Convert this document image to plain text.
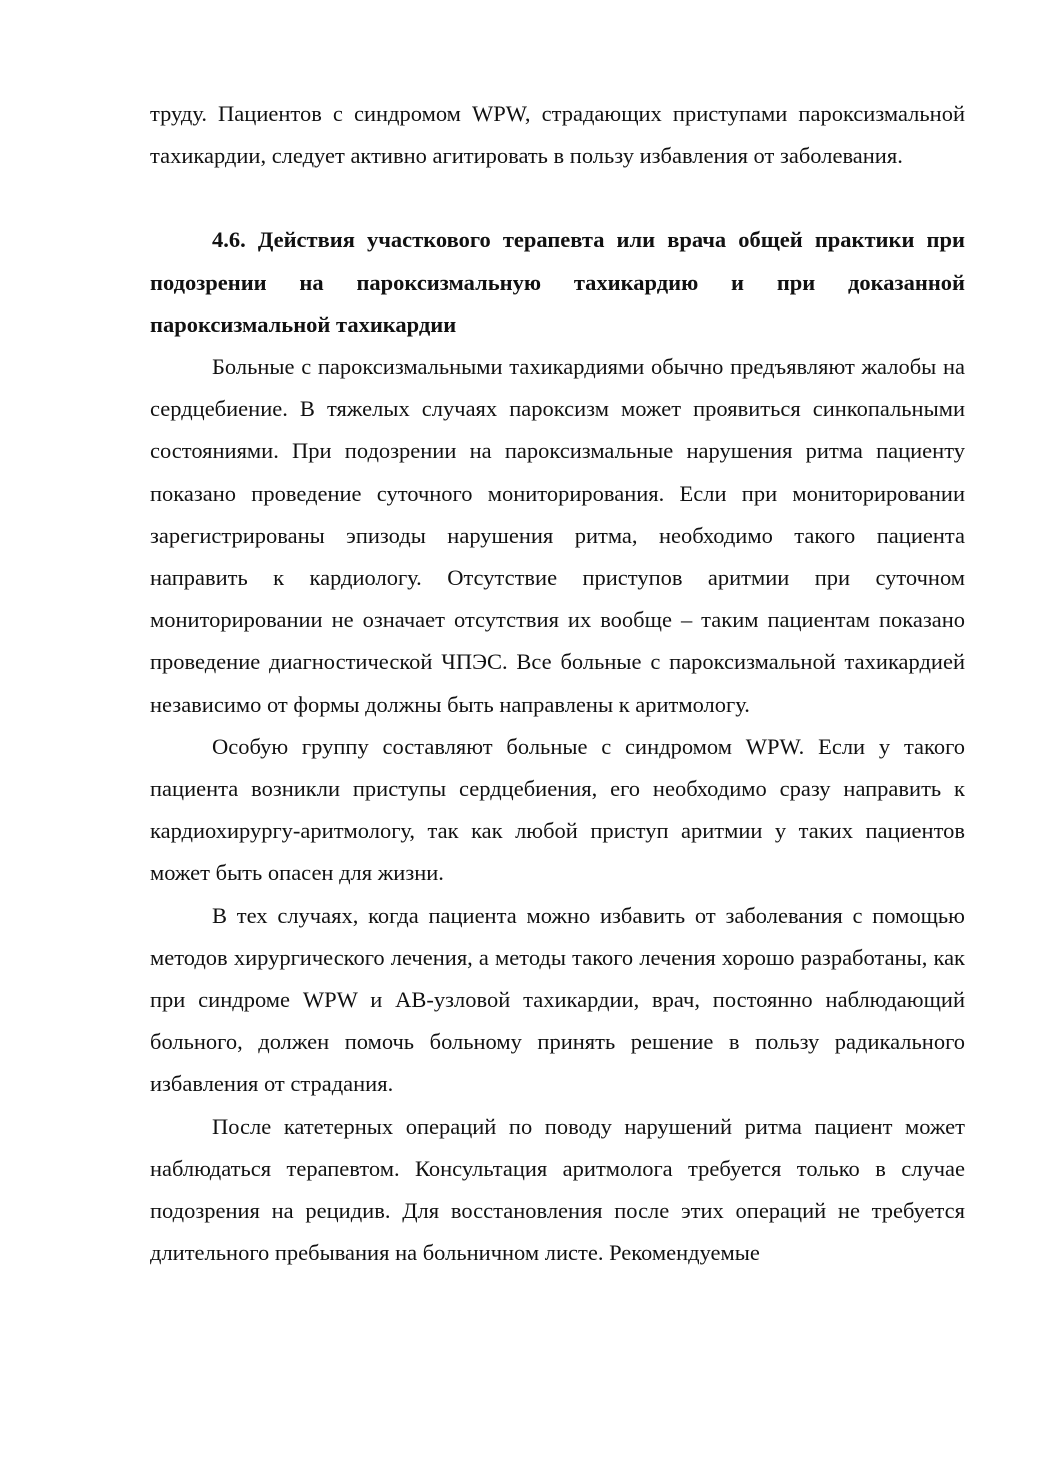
труду. Пациентов с синдромом WPW, страдающих приступами пароксизмальной тахикардии, следует активно агитировать в пользу избавления от заболевания.

4.6. Действия участкового терапевта или врача общей практики при подозрении на пароксизмальную тахикардию и при доказанной пароксизмальной тахикардии

Больные с пароксизмальными тахикардиями обычно предъявляют жалобы на сердцебиение. В тяжелых случаях пароксизм может проявиться синкопальными состояниями. При подозрении на пароксизмальные нарушения ритма пациенту показано проведение суточного мониторирования. Если при мониторировании зарегистрированы эпизоды нарушения ритма, необходимо такого пациента направить к кардиологу. Отсутствие приступов аритмии при суточном мониторировании не означает отсутствия их вообще – таким пациентам показано проведение диагностической ЧПЭС. Все больные с пароксизмальной тахикардией независимо от формы должны быть направлены к аритмологу.

Особую группу составляют больные с синдромом WPW. Если у такого пациента возникли приступы сердцебиения, его необходимо сразу направить к кардиохирургу-аритмологу, так как любой приступ аритмии у таких пациентов может быть опасен для жизни.

В тех случаях, когда пациента можно избавить от заболевания с помощью методов хирургического лечения, а методы такого лечения хорошо разработаны, как при синдроме WPW и АВ-узловой тахикардии, врач, постоянно наблюдающий больного, должен помочь больному принять решение в пользу радикального избавления от страдания.

После катетерных операций по поводу нарушений ритма пациент может наблюдаться терапевтом. Консультация аритмолога требуется только в случае подозрения на рецидив. Для восстановления после этих операций не требуется длительного пребывания на больничном листе. Рекомендуемые
